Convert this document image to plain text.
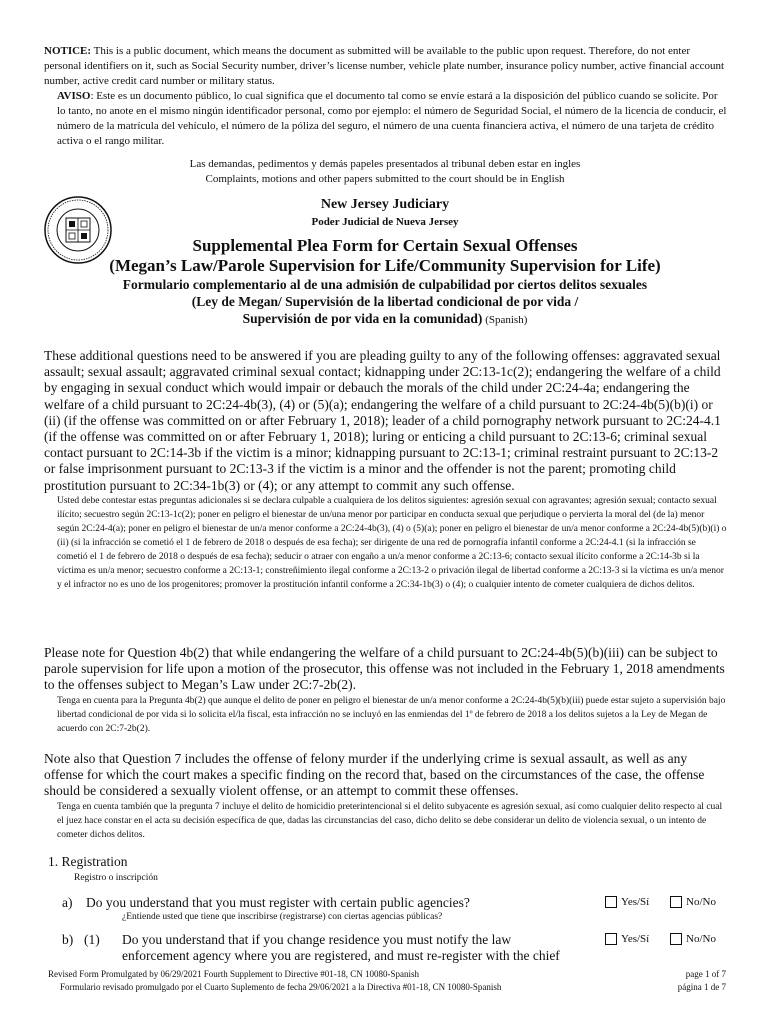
NOTICE: This is a public document, which means the document as submitted will be available to the public upon request. Therefore, do not enter personal identifiers on it, such as Social Security number, driver’s license number, vehicle plate number, insurance policy number, active financial account number, active credit card number or military status.

AVISO: Este es un documento público, lo cual significa que el documento tal como se envíe estará a la disposición del público cuando se solicite. Por lo tanto, no anote en el mismo ningún identificador personal, como por ejemplo: el número de Seguridad Social, el número de la licencia de conducir, el número de la matrícula del vehículo, el número de la póliza del seguro, el número de una cuenta financiera activa, el número de una tarjeta de crédito activa o el rango militar.

Las demandas, pedimentos y demás papeles presentados al tribunal deben estar en ingles
Complaints, motions and other papers submitted to the court should be in English
New Jersey Judiciary
Poder Judicial de Nueva Jersey
Supplemental Plea Form for Certain Sexual Offenses
(Megan’s Law/Parole Supervision for Life/Community Supervision for Life)
Formulario complementario al de una admisión de culpabilidad por ciertos delitos sexuales
(Ley de Megan/ Supervisión de la libertad condicional de por vida /
Supervisión de por vida en la comunidad) (Spanish)

These additional questions need to be answered if you are pleading guilty to any of the following offenses: aggravated sexual assault; sexual assault; aggravated criminal sexual contact; kidnapping under 2C:13-1c(2); endangering the welfare of a child by engaging in sexual conduct which would impair or debauch the morals of the child under 2C:24-4a; endangering the welfare of a child pursuant to 2C:24-4b(3), (4) or (5)(a); endangering the welfare of a child pursuant to 2C:24-4b(5)(b)(i) or (ii) (if the offense was committed on or after February 1, 2018); leader of a child pornography network pursuant to 2C:24-4.1 (if the offense was committed on or after February 1, 2018); luring or enticing a child pursuant to 2C:13-6; criminal sexual contact pursuant to 2C:14-3b if the victim is a minor; kidnapping pursuant to 2C:13-1; criminal restraint pursuant to 2C:13-2 or false imprisonment pursuant to 2C:13-3 if the victim is a minor and the offender is not the parent; promoting child prostitution pursuant to 2C:34-1b(3) or (4); or any attempt to commit any such offense.

Usted debe contestar estas preguntas adicionales si se declara culpable a cualquiera de los delitos siguientes: agresión sexual con agravantes; agresión sexual; contacto sexual ilícito; secuestro según 2C:13-1c(2); poner en peligro el bienestar de un/una menor por participar en conducta sexual que perjudique o pervierta la moral del (de la) menor según 2C:24-4(a); poner en peligro el bienestar de un/a menor conforme a 2C:24-4b(3), (4) o (5)(a); poner en peligro el bienestar de un/a menor conforme a 2C:24-4b(5)(b)(i) o (ii) (si la infracción se cometió el 1 de febrero de 2018 o después de esa fecha); ser dirigente de una red de pornografía infantil conforme a 2C:24-4.1 (si la infracción se cometió el 1 de febrero de 2018 o después de esa fecha); seducir o atraer con engaño a un/a menor conforme a 2C:13-6; contacto sexual ilícito conforme a 2C:14-3b si la víctima es un/a menor; secuestro conforme a 2C:13-1; constreñimiento ilegal conforme a 2C:13-2 o privación ilegal de libertad conforme a 2C:13-3 si la víctima es un/a menor y el infractor no es uno de los progenitores; promover la prostitución infantil conforme a 2C:34-1b(3) o (4); o cualquier intento de cometer cualquiera de dichos delitos.

Please note for Question 4b(2) that while endangering the welfare of a child pursuant to 2C:24-4b(5)(b)(iii) can be subject to parole supervision for life upon a motion of the prosecutor, this offense was not included in the February 1, 2018 amendments to the offenses subject to Megan’s Law under 2C:7-2b(2).

Tenga en cuenta para la Pregunta 4b(2) que aunque el delito de poner en peligro el bienestar de un/a menor conforme a 2C:24-4b(5)(b)(iii) puede estar sujeto a supervisión bajo libertad condicional de por vida si lo solicita el/la fiscal, esta infracción no se incluyó en las enmiendas del 1º de febrero de 2018 a los delitos sujetos a la Ley de Megan de acuerdo con 2C:7-2b(2).

Note also that Question 7 includes the offense of felony murder if the underlying crime is sexual assault, as well as any offense for which the court makes a specific finding on the record that, based on the circumstances of the case, the offense should be considered a sexually violent offense, or an attempt to commit these offenses.

Tenga en cuenta también que la pregunta 7 incluye el delito de homicidio preterintencional si el delito subyacente es agresión sexual, así como cualquier delito respecto al cual el juez hace constar en el acta su decisión específica de que, dadas las circunstancias del caso, dicho delito se debe considerar un delito de violencia sexual, o un intento de cometer dichos delitos.

1. Registration
Registro o inscripción
a) Do you understand that you must register with certain public agencies?
¿Entiende usted que tiene que inscribirse (registrarse) con ciertas agencias públicas?
Yes/Sí	No/No
b) (1) Do you understand that if you change residence you must notify the law
enforcement agency where you are registered, and must re-register with the chief
Yes/Sí	No/No
Revised Form Promulgated by 06/29/2021 Fourth Supplement to Directive #01-18, CN 10080-Spanish
Formulario revisado promulgado por el Cuarto Suplemento de fecha 29/06/2021 a la Directiva #01-18, CN 10080-Spanish
page 1 of 7
página 1 de 7
